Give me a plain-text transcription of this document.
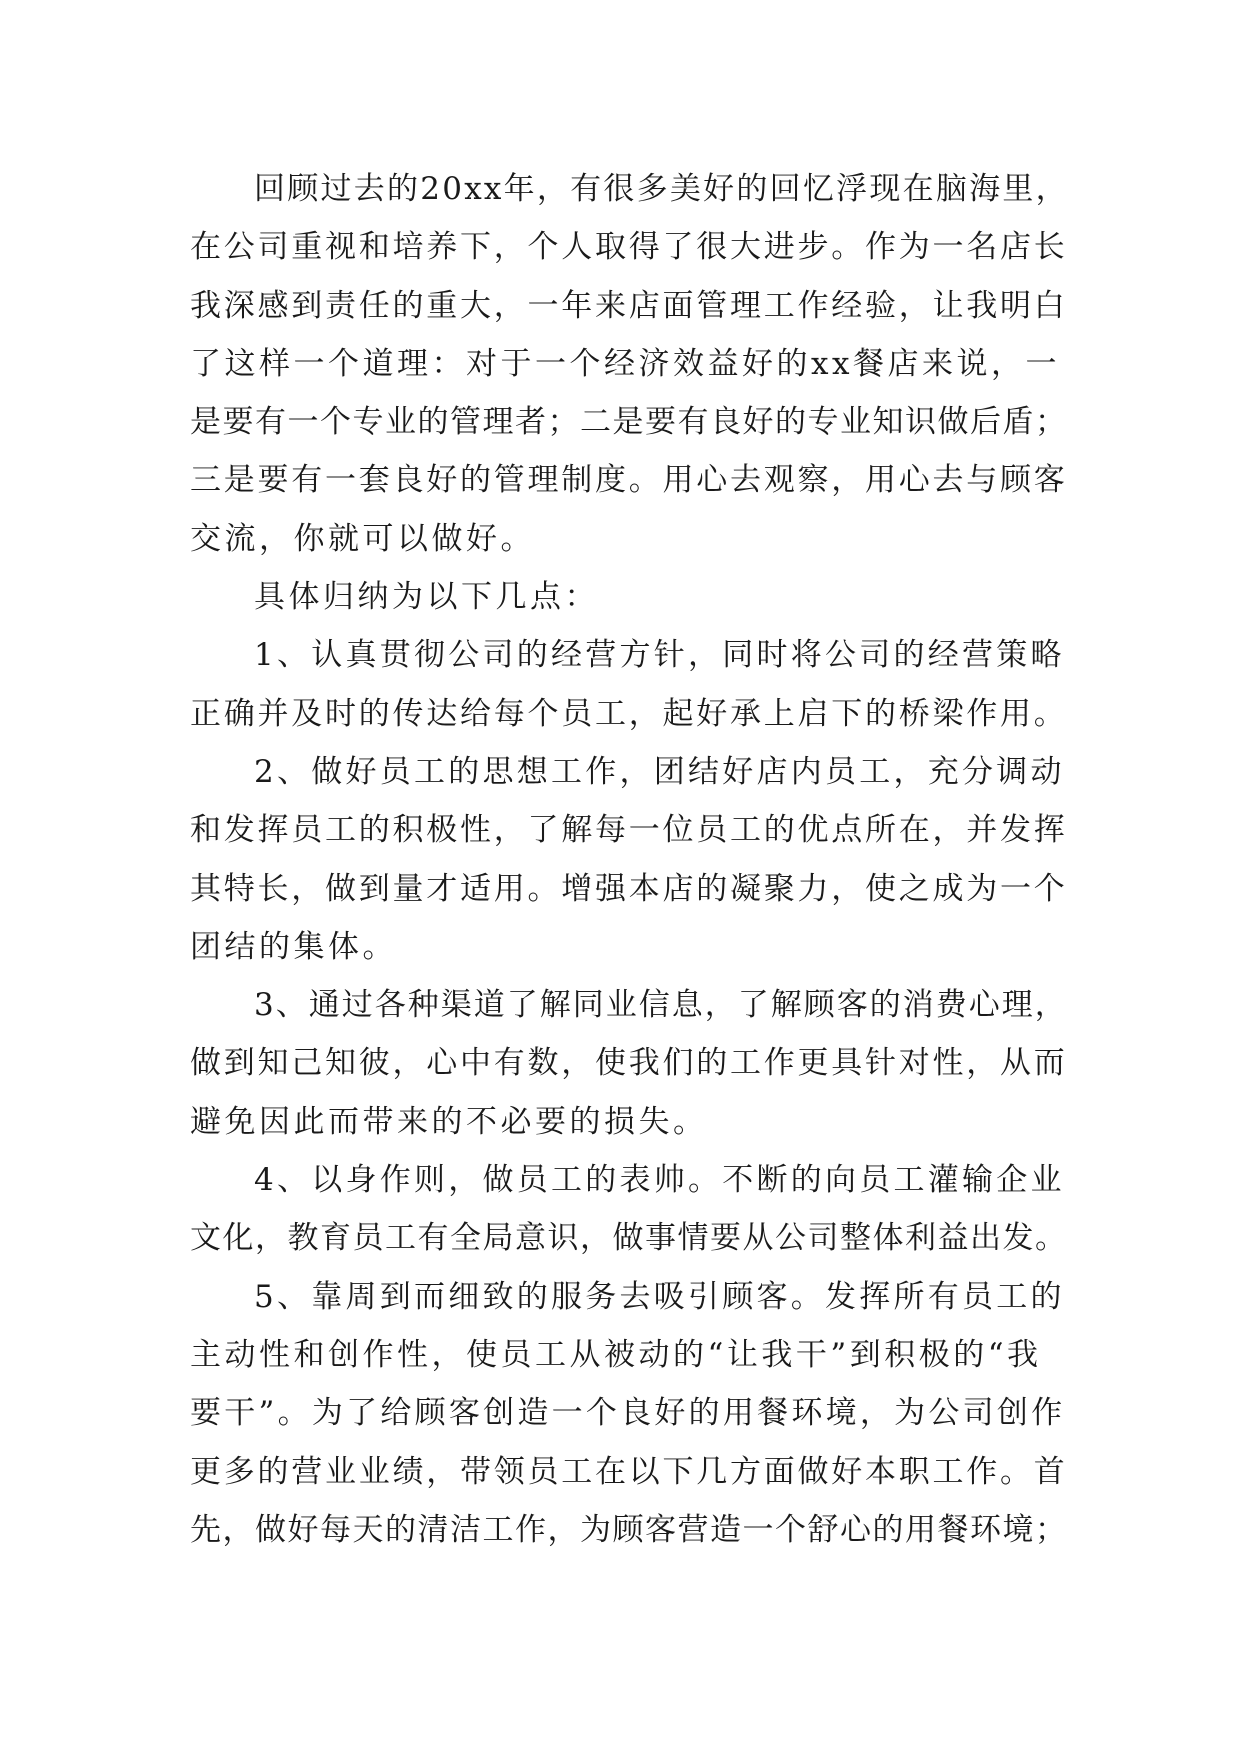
回顾过去的20xx年，有很多美好的回忆浮现在脑海里，
在公司重视和培养下，个人取得了很大进步。作为一名店长
我深感到责任的重大，一年来店面管理工作经验，让我明白
了这样一个道理：对于一个经济效益好的xx餐店来说，一
是要有一个专业的管理者；二是要有良好的专业知识做后盾；
三是要有一套良好的管理制度。用心去观察，用心去与顾客
交流，你就可以做好。
具体归纳为以下几点：
1、认真贯彻公司的经营方针，同时将公司的经营策略
正确并及时的传达给每个员工，起好承上启下的桥梁作用。
2、做好员工的思想工作，团结好店内员工，充分调动
和发挥员工的积极性，了解每一位员工的优点所在，并发挥
其特长，做到量才适用。增强本店的凝聚力，使之成为一个
团结的集体。
3、通过各种渠道了解同业信息，了解顾客的消费心理，
做到知己知彼，心中有数，使我们的工作更具针对性，从而
避免因此而带来的不必要的损失。
4、以身作则，做员工的表帅。不断的向员工灌输企业
文化，教育员工有全局意识，做事情要从公司整体利益出发。
5、靠周到而细致的服务去吸引顾客。发挥所有员工的
主动性和创作性，使员工从被动的“让我干”到积极的“我
要干”。为了给顾客创造一个良好的用餐环境，为公司创作
更多的营业业绩，带领员工在以下几方面做好本职工作。首
先，做好每天的清洁工作，为顾客营造一个舒心的用餐环境；
